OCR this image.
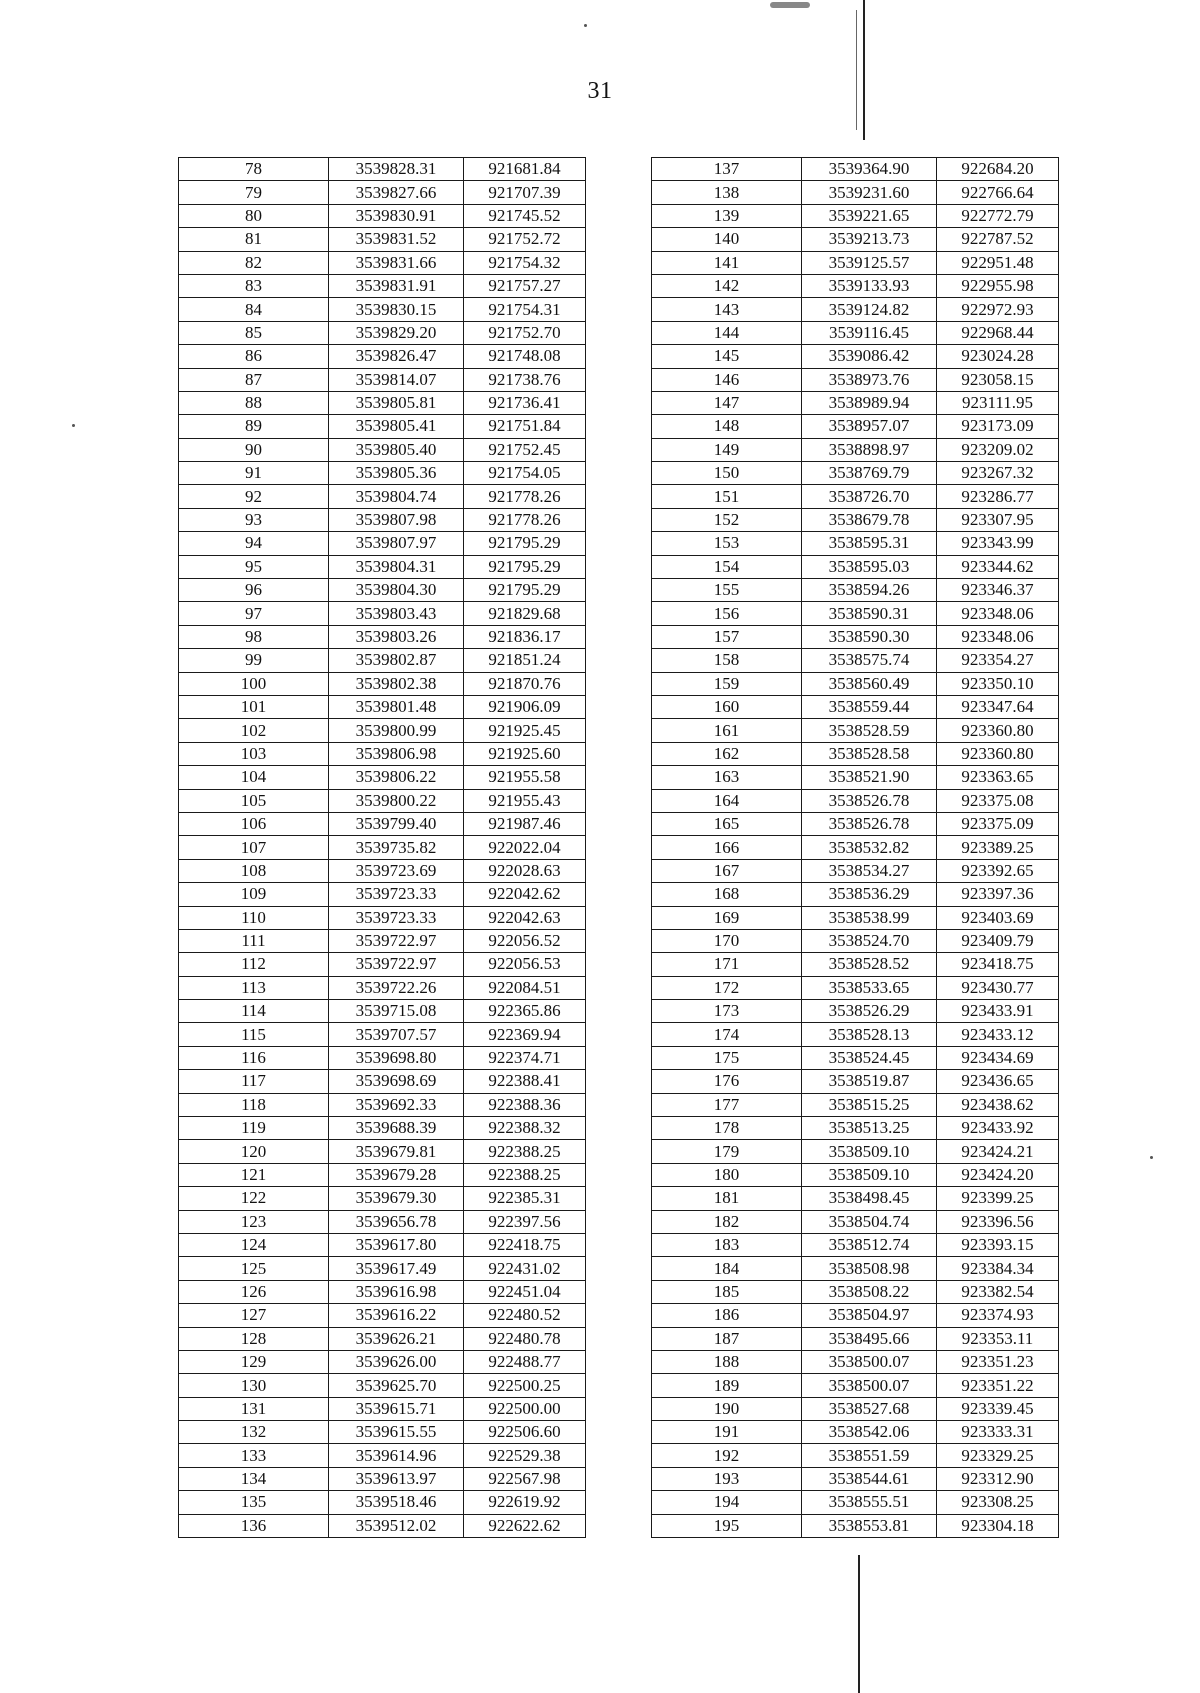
31
78	3539828.31	921681.84
79	3539827.66	921707.39
80	3539830.91	921745.52
81	3539831.52	921752.72
82	3539831.66	921754.32
83	3539831.91	921757.27
84	3539830.15	921754.31
85	3539829.20	921752.70
86	3539826.47	921748.08
87	3539814.07	921738.76
88	3539805.81	921736.41
89	3539805.41	921751.84
90	3539805.40	921752.45
91	3539805.36	921754.05
92	3539804.74	921778.26
93	3539807.98	921778.26
94	3539807.97	921795.29
95	3539804.31	921795.29
96	3539804.30	921795.29
97	3539803.43	921829.68
98	3539803.26	921836.17
99	3539802.87	921851.24
100	3539802.38	921870.76
101	3539801.48	921906.09
102	3539800.99	921925.45
103	3539806.98	921925.60
104	3539806.22	921955.58
105	3539800.22	921955.43
106	3539799.40	921987.46
107	3539735.82	922022.04
108	3539723.69	922028.63
109	3539723.33	922042.62
110	3539723.33	922042.63
111	3539722.97	922056.52
112	3539722.97	922056.53
113	3539722.26	922084.51
114	3539715.08	922365.86
115	3539707.57	922369.94
116	3539698.80	922374.71
117	3539698.69	922388.41
118	3539692.33	922388.36
119	3539688.39	922388.32
120	3539679.81	922388.25
121	3539679.28	922388.25
122	3539679.30	922385.31
123	3539656.78	922397.56
124	3539617.80	922418.75
125	3539617.49	922431.02
126	3539616.98	922451.04
127	3539616.22	922480.52
128	3539626.21	922480.78
129	3539626.00	922488.77
130	3539625.70	922500.25
131	3539615.71	922500.00
132	3539615.55	922506.60
133	3539614.96	922529.38
134	3539613.97	922567.98
135	3539518.46	922619.92
136	3539512.02	922622.62
137	3539364.90	922684.20
138	3539231.60	922766.64
139	3539221.65	922772.79
140	3539213.73	922787.52
141	3539125.57	922951.48
142	3539133.93	922955.98
143	3539124.82	922972.93
144	3539116.45	922968.44
145	3539086.42	923024.28
146	3538973.76	923058.15
147	3538989.94	923111.95
148	3538957.07	923173.09
149	3538898.97	923209.02
150	3538769.79	923267.32
151	3538726.70	923286.77
152	3538679.78	923307.95
153	3538595.31	923343.99
154	3538595.03	923344.62
155	3538594.26	923346.37
156	3538590.31	923348.06
157	3538590.30	923348.06
158	3538575.74	923354.27
159	3538560.49	923350.10
160	3538559.44	923347.64
161	3538528.59	923360.80
162	3538528.58	923360.80
163	3538521.90	923363.65
164	3538526.78	923375.08
165	3538526.78	923375.09
166	3538532.82	923389.25
167	3538534.27	923392.65
168	3538536.29	923397.36
169	3538538.99	923403.69
170	3538524.70	923409.79
171	3538528.52	923418.75
172	3538533.65	923430.77
173	3538526.29	923433.91
174	3538528.13	923433.12
175	3538524.45	923434.69
176	3538519.87	923436.65
177	3538515.25	923438.62
178	3538513.25	923433.92
179	3538509.10	923424.21
180	3538509.10	923424.20
181	3538498.45	923399.25
182	3538504.74	923396.56
183	3538512.74	923393.15
184	3538508.98	923384.34
185	3538508.22	923382.54
186	3538504.97	923374.93
187	3538495.66	923353.11
188	3538500.07	923351.23
189	3538500.07	923351.22
190	3538527.68	923339.45
191	3538542.06	923333.31
192	3538551.59	923329.25
193	3538544.61	923312.90
194	3538555.51	923308.25
195	3538553.81	923304.18
